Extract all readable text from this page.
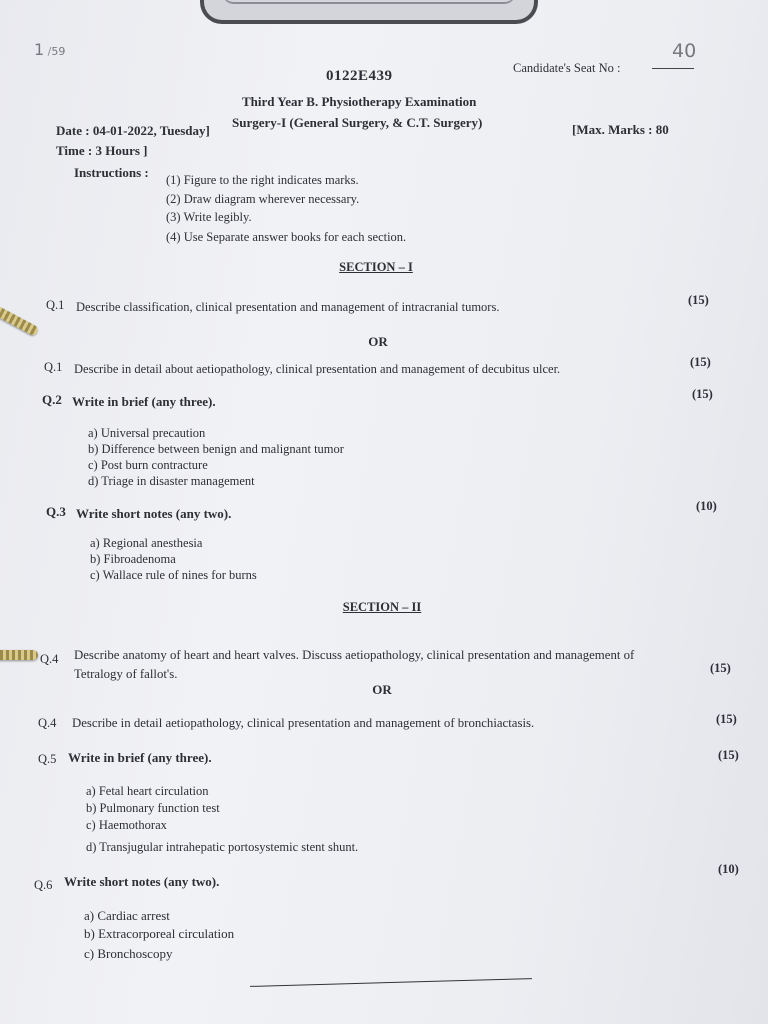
1 /59
0122E439	Candidate's Seat No :
40
Third Year B. Physiotherapy Examination
Surgery-I (General Surgery, & C.T. Surgery)	[Max. Marks : 80
Date : 04-01-2022, Tuesday]
Time : 3 Hours ]
Instructions : (1) Figure to the right indicates marks.
(2) Draw diagram wherever necessary.
(3) Write legibly.
(4) Use Separate answer books for each section.
SECTION – I
Q.1 Describe classification, clinical presentation and management of intracranial tumors.	(15)
OR
Q.1 Describe in detail about aetiopathology, clinical presentation and management of decubitus ulcer.	(15)
Q.2 Write in brief (any three).	(15)
a) Universal precaution
b) Difference between benign and malignant tumor
c) Post burn contracture
d) Triage in disaster management
Q.3 Write short notes (any two).	(10)
a) Regional anesthesia
b) Fibroadenoma
c) Wallace rule of nines for burns
SECTION – II
Q.4 Describe anatomy of heart and heart valves. Discuss aetiopathology, clinical presentation and management of
Tetralogy of fallot's.	(15)
OR
Q.4 Describe in detail aetiopathology, clinical presentation and management of bronchiactasis.	(15)
Q.5 Write in brief (any three).	(15)
a) Fetal heart circulation
b) Pulmonary function test
c) Haemothorax
d) Transjugular intrahepatic portosystemic stent shunt.
Q.6 Write short notes (any two).
(10)
a) Cardiac arrest
b) Extracorporeal circulation
c) Bronchoscopy
